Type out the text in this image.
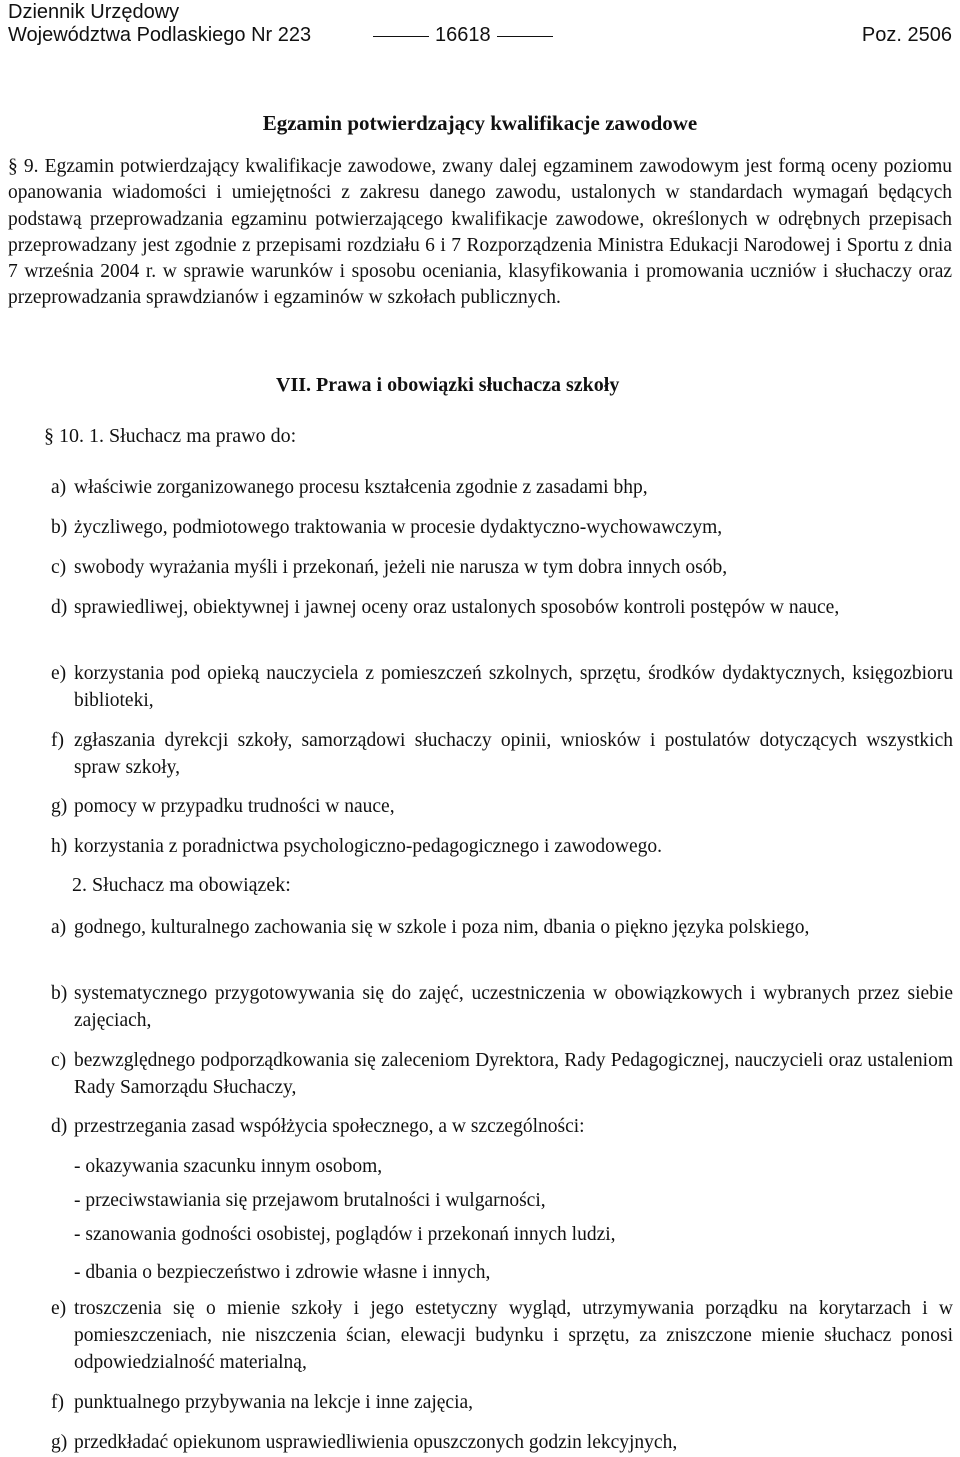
Dziennik Urzędowy
Województwa Podlaskiego Nr 223	16618	Poz. 2506
Egzamin potwierdzający kwalifikacje zawodowe
§ 9. Egzamin potwierdzający kwalifikacje zawodowe, zwany dalej egzaminem zawodowym jest formą oceny poziomu opanowania wiadomości i umiejętności z zakresu danego zawodu, ustalonych w standardach wymagań będących podstawą przeprowadzania egzaminu potwierzającego kwalifikacje zawodowe, określonych w odrębnych przepisach przeprowadzany jest zgodnie z przepisami rozdziału 6 i 7 Rozporządzenia Ministra Edukacji Narodowej i Sportu z dnia 7 września 2004 r. w sprawie warunków i sposobu oceniania, klasyfikowania i promowania uczniów i słuchaczy oraz przeprowadzania sprawdzianów i egzaminów w szkołach publicznych.
VII. Prawa i obowiązki słuchacza szkoły
§ 10. 1. Słuchacz ma prawo do:
a) właściwie zorganizowanego procesu kształcenia zgodnie z zasadami bhp,
b) życzliwego, podmiotowego traktowania w procesie dydaktyczno-wychowawczym,
c) swobody wyrażania myśli i przekonań, jeżeli nie narusza w tym dobra innych osób,
d) sprawiedliwej, obiektywnej i jawnej oceny oraz ustalonych sposobów kontroli postępów w nauce,
e) korzystania pod opieką nauczyciela z pomieszczeń szkolnych, sprzętu, środków dydaktycznych, księgozbioru biblioteki,
f) zgłaszania dyrekcji szkoły, samorządowi słuchaczy opinii, wniosków i postulatów dotyczących wszystkich spraw szkoły,
g) pomocy w przypadku trudności w nauce,
h) korzystania z poradnictwa psychologiczno-pedagogicznego i zawodowego.
2. Słuchacz ma obowiązek:
a) godnego, kulturalnego zachowania się w szkole i poza nim, dbania o piękno języka polskiego,
b) systematycznego przygotowywania się do zajęć, uczestniczenia w obowiązkowych i wybranych przez siebie zajęciach,
c) bezwzględnego podporządkowania się zaleceniom Dyrektora, Rady Pedagogicznej, nauczycieli oraz ustaleniom Rady Samorządu Słuchaczy,
d) przestrzegania zasad współżycia społecznego, a w szczególności:
- okazywania szacunku innym osobom,
- przeciwstawiania się przejawom brutalności i wulgarności,
- szanowania godności osobistej, poglądów i przekonań innych ludzi,
- dbania o bezpieczeństwo i zdrowie własne i innych,
e) troszczenia się o mienie szkoły i jego estetyczny wygląd, utrzymywania porządku na korytarzach i w pomieszczeniach, nie niszczenia ścian, elewacji budynku i sprzętu, za zniszczone mienie słuchacz ponosi odpowiedzialność materialną,
f) punktualnego przybywania na lekcje i inne zajęcia,
g) przedkładać opiekunom usprawiedliwienia opuszczonych godzin lekcyjnych,
